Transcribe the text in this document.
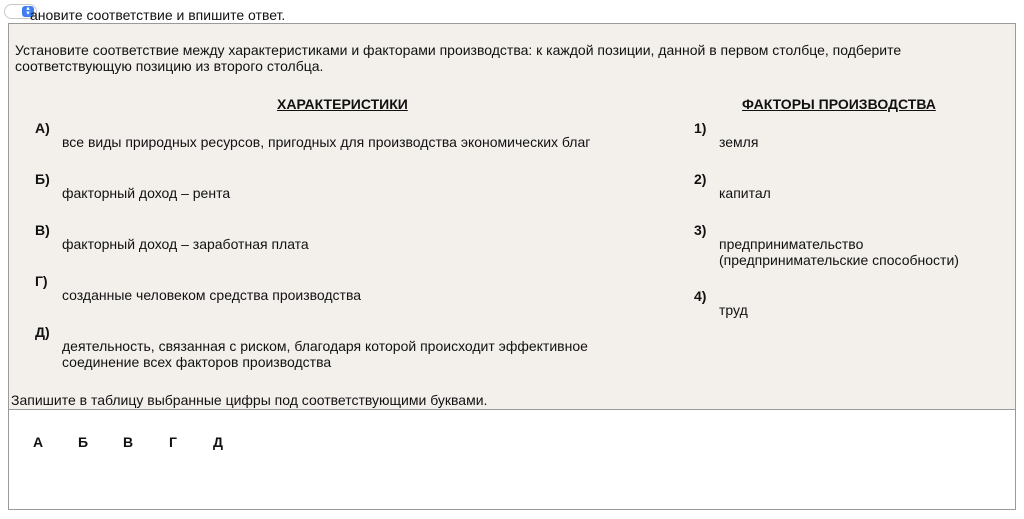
▴
▾ ановите соответствие и впишите ответ.
Установите соответствие между характеристиками и факторами производства: к каждой позиции, данной в первом столбце, подберите соответствующую позицию из второго столбца.
ХАРАКТЕРИСТИКИ	ФАКТОРЫ ПРОИЗВОДСТВА
А)
все виды природных ресурсов, пригодных для производства экономических благ
Б)
факторный доход – рента
В)
факторный доход – заработная плата
Г)
созданные человеком средства производства
Д)
деятельность, связанная с риском, благодаря которой происходит эффективное соединение всех факторов производства
1)
земля
2)
капитал
3)
предпринимательство (предпринимательские способности)
4)
труд
Запишите в таблицу выбранные цифры под соответствующими буквами.
А Б В	Г	Д
